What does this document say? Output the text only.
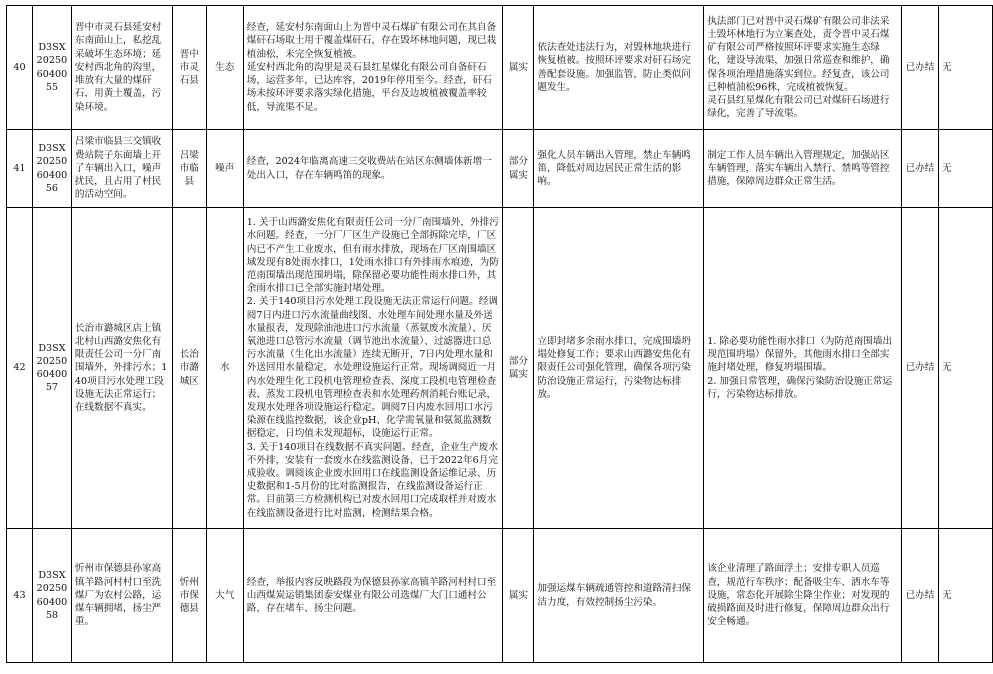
40	D3SX202506040055	晋中市灵石县延安村东南面山上，私挖乱采破坏生态环境；延安村西北角的沟里，堆放有大量的煤矸石，用黄土覆盖，污染环境。	晋中市灵石县	生态	经查，延安村东南面山上为晋中灵石煤矿有限公司在其自备煤矸石场取土用于覆盖煤矸石，存在毁坏林地问题，现已栽植油松，未完全恢复植被。
延安村西北角的沟里是灵石县红星煤化有限公司自备矸石场，运营多年，已达库容，2019年停用至今。经查，矸石场未按环评要求落实绿化措施，平台及边坡植被覆盖率较低，导流渠不足。	属实	依法查处违法行为，对毁林地块进行恢复植被。按照环评要求对矸石场完善配套设施。加强监管，防止类似问题发生。	执法部门已对晋中灵石煤矿有限公司非法采土毁坏林地行为立案查处，责令晋中灵石煤矿有限公司严格按照环评要求实施生态绿化，建设导流渠，加强日常巡查和维护，确保各项治理措施落实到位。经复查，该公司已种植油松96株，完成植被恢复。
灵石县红星煤化有限公司已对煤矸石场进行绿化，完善了导流渠。	已办结	无
41	D3SX202506040056	吕梁市临县三交镇收费站院子东面墙上开了车辆出入口，噪声扰民，且占用了村民的活动空间。	吕梁市临县	噪声	经查，2024年临离高速三交收费站在站区东侧墙体新增一处出入口，存在车辆鸣笛的现象。	部分属实	强化人员车辆出入管理，禁止车辆鸣笛，降低对周边居民正常生活的影响。	制定工作人员车辆出入管理规定，加强站区车辆管理，落实车辆出入禁行、禁鸣等管控措施，保障周边群众正常生活。	已办结	无
42	D3SX202506040057	长治市潞城区店上镇北村山西潞安焦化有限责任公司一分厂南围墙外，外排污水；140项目污水处理工段设施无法正常运行；在线数据不真实。	长治市潞城区	水	1. 关于山西潞安焦化有限责任公司一分厂南围墙外，外排污水问题。经查，一分厂厂区生产设施已全部拆除完毕，厂区内已不产生工业废水，但有雨水排放，现场在厂区南围墙区域发现有8处雨水排口，1处雨水排口有外排雨水痕迹，为防范南围墙出现范围坍塌，除保留必要功能性雨水排口外，其余雨水排口已全部实施封堵处理。
2. 关于140项目污水处理工段设施无法正常运行问题。经调阅7日内进口污水流量曲线图、水处理车间处理水量及外送水量报表，发现除油池进口污水流量（蒸氨废水流量）、厌氧池进口总管污水流量（调节池出水流量）、过滤器进口总污水流量（生化出水流量）连续无断开，7日内处理水量和外送回用水量稳定，水处理设施运行正常。现场调阅近一月内水处理生化工段机电管理检查表、深度工段机电管理检查表、蒸发工段机电管理检查表和水处理药剂消耗台账记录，发现水处理各项设施运行稳定。调阅7日内废水回用口水污染源在线监控数据，该企业pH、化学需氧量和氨氮监测数据稳定，日均值未发现超标，设施运行正常。
3. 关于140项目在线数据不真实问题。经查，企业生产废水不外排，安装有一套废水在线监测设备，已于2022年6月完成验收。调阅该企业废水回用口在线监测设备运维记录、历史数据和1-5月份的比对监测报告，在线监测设备运行正常。目前第三方检测机构已对废水回用口完成取样并对废水在线监测设备进行比对监测，检测结果合格。	部分属实	立即封堵多余雨水排口，完成围墙坍塌处修复工作；要求山西潞安焦化有限责任公司强化管理，确保各项污染防治设施正常运行，污染物达标排放。	1. 除必要功能性雨水排口（为防范南围墙出现范围坍塌）保留外，其他雨水排口全部实施封堵处理，修复坍塌围墙。
2. 加强日常管理，确保污染防治设施正常运行，污染物达标排放。	已办结	无
43	D3SX202506040058	忻州市保德县孙家高镇羊路河村村口至洗煤厂为农村公路，运煤车辆拥堵，扬尘严重。	忻州市保德县	大气	经查，举报内容反映路段为保德县孙家高镇羊路河村村口至山西煤炭运销集团泰安煤业有限公司选煤厂大门口通村公路，存在堵车、扬尘问题。	属实	加强运煤车辆疏通管控和道路清扫保洁力度，有效控制扬尘污染。	该企业清理了路面浮土；安排专职人员巡查，规范行车秩序；配备吸尘车、洒水车等设施，常态化开展除尘降尘作业；对发现的破损路面及时进行修复，保障周边群众出行安全畅通。	已办结	无
